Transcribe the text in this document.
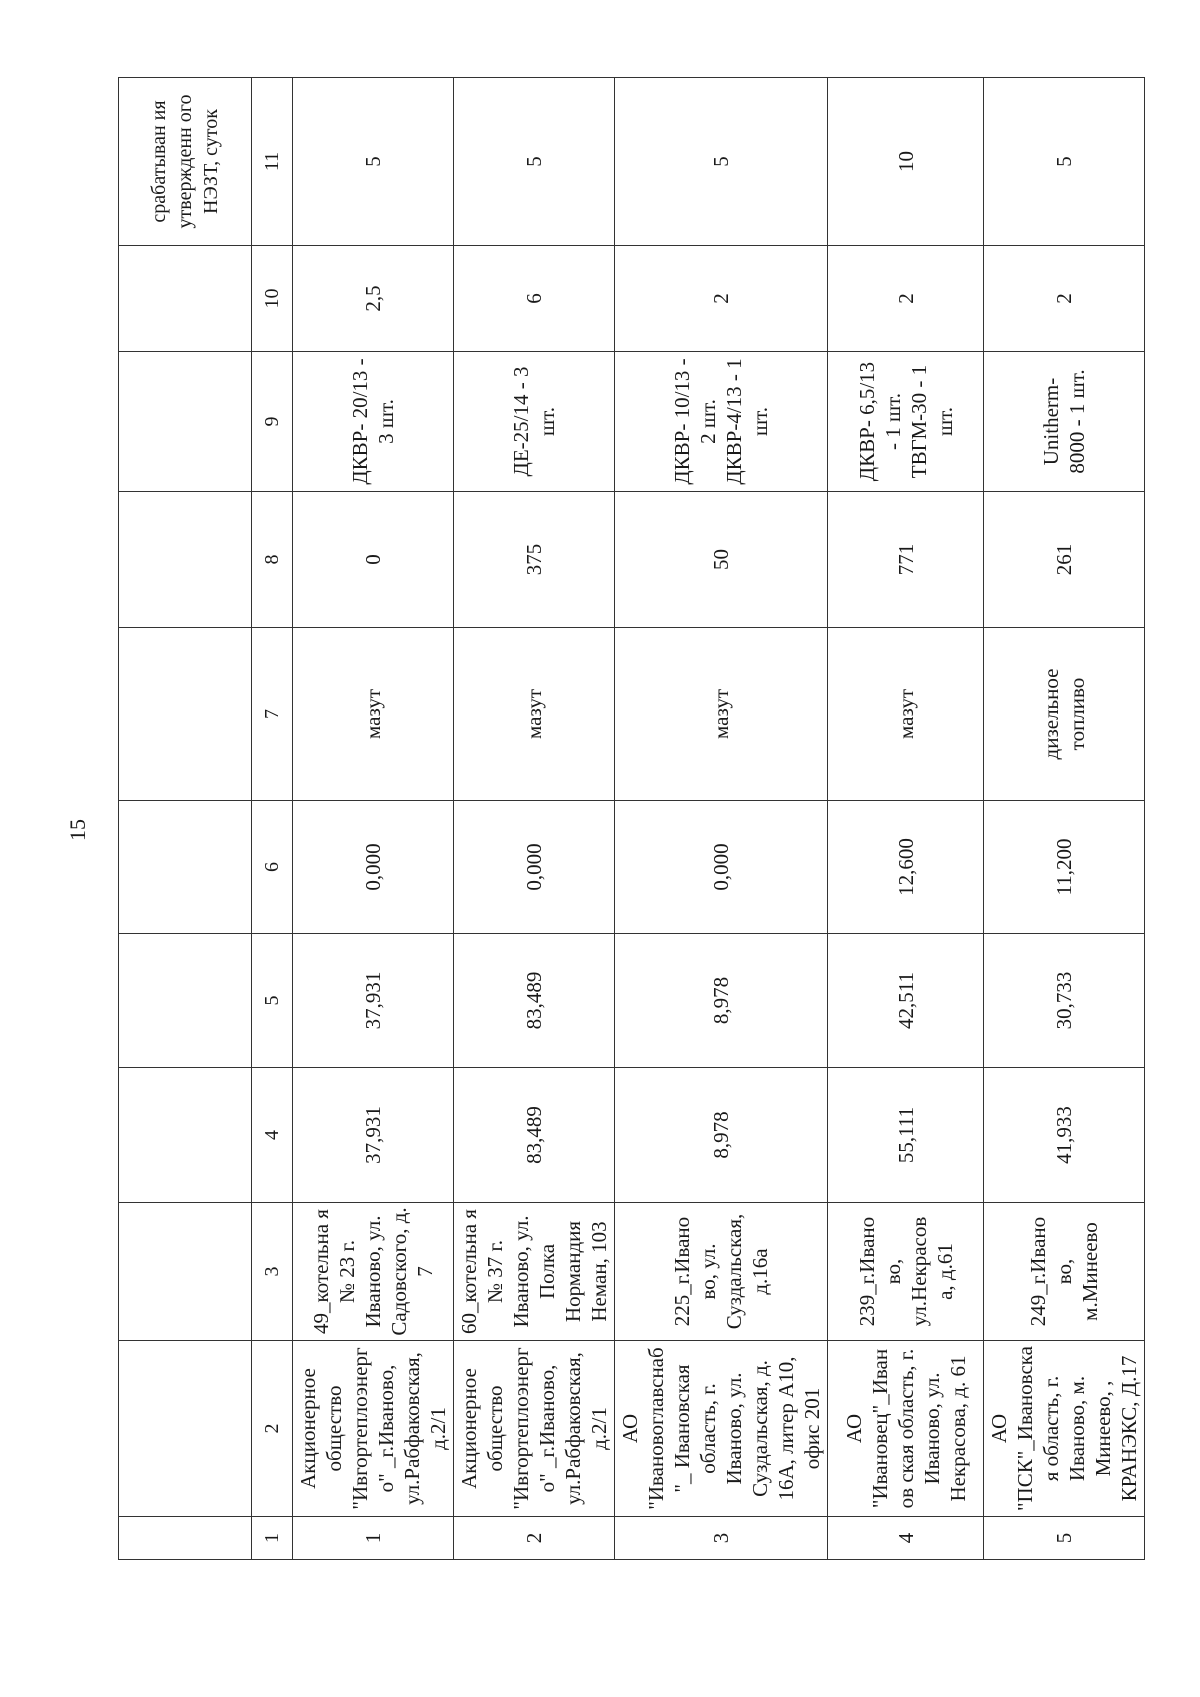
15
										срабатыван ия утвержденн ого НЭЗТ, суток
1	2	3	4	5	6	7	8	9	10	11
1	Акционерное общество "Ивгортеплоэнерго" _г.Иваново, ул.Рабфаковская, д.2/1	49_котельна я № 23 г. Иваново, ул. Садовского, д. 7	37,931	37,931	0,000	мазут	0	ДКВР- 20/13 - 3 шт.	2,5	5
2	Акционерное общество "Ивгортеплоэнерго" _г.Иваново, ул.Рабфаковская, д.2/1	60_котельна я № 37 г. Иваново, ул. Полка Нормандия Неман, 103	83,489	83,489	0,000	мазут	375	ДЕ-25/14 - 3 шт.	6	5
3	АО "Ивановоглавснаб"_ Ивановская область, г. Иваново, ул. Суздальская, д. 16А, литер А10, офис 201	225_г.Ивано во, ул. Суздальская, д.16а	8,978	8,978	0,000	мазут	50	ДКВР- 10/13 - 2 шт. ДКВР-4/13 - 1 шт.	2	5
4	АО "Ивановец"_Иванов ская область, г. Иваново, ул. Некрасова, д. 61	239_г.Ивано во, ул.Некрасов а, д.61	55,111	42,511	12,600	мазут	771	ДКВР- 6,5/13 - 1 шт. ТВГМ-30 - 1 шт.	2	10
5	АО "ПСК"_Ивановская область, г. Иваново, м. Минеево, , КРАНЭКС, Д.17	249_г.Ивано во, м.Минеево	41,933	30,733	11,200	дизельное топливо	261	Unitherm- 8000 - 1 шт.	2	5
